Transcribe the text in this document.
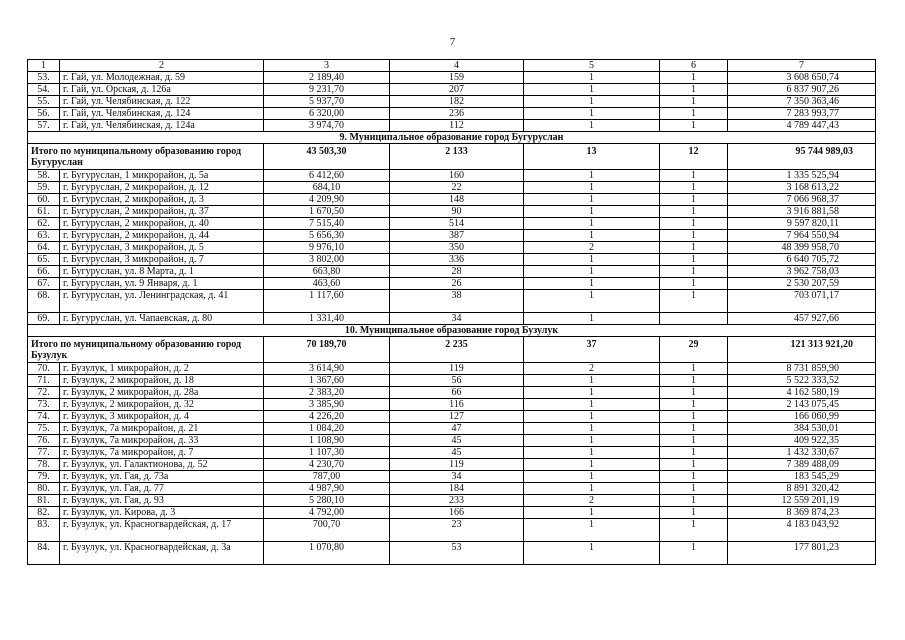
7
1	2	3	4	5	6	7
53.	г. Гай, ул. Молодежная, д. 59	2 189,40	159	1	1	3 608 650,74
54.	г. Гай, ул. Орская, д. 126а	9 231,70	207	1	1	6 837 907,26
55.	г. Гай, ул. Челябинская, д. 122	5 937,70	182	1	1	7 350 363,46
56.	г. Гай, ул. Челябинская, д. 124	6 320,00	236	1	1	7 283 993,77
57.	г. Гай, ул. Челябинская, д. 124а	3 974,70	112	1	1	4 789 447,43
9. Муниципальное образование город Бугуруслан						
Итого по муниципальному образованию город Бугуруслан		43 503,30	2 133	13	12	95 744 989,03
58.	г. Бугуруслан, 1 микрорайон, д. 5а	6 412,60	160	1	1	1 335 525,94
59.	г. Бугуруслан, 2 микрорайон, д. 12	684,10	22	1	1	3 168 613,22
60.	г. Бугуруслан, 2 микрорайон, д. 3	4 209,90	148	1	1	7 066 968,37
61.	г. Бугуруслан, 2 микрорайон, д. 37	1 670,50	90	1	1	3 916 881,58
62.	г. Бугуруслан, 2 микрорайон, д. 40	7 515,40	514	1	1	9 597 820,11
63.	г. Бугуруслан, 2 микрорайон, д. 44	5 656,30	387	1	1	7 964 550,94
64.	г. Бугуруслан, 3 микрорайон, д. 5	9 976,10	350	2	1	48 399 958,70
65.	г. Бугуруслан, 3 микрорайон, д. 7	3 802,00	336	1	1	6 640 705,72
66.	г. Бугуруслан, ул. 8 Марта, д. 1	663,80	28	1	1	3 962 758,03
67.	г. Бугуруслан, ул. 9 Января, д. 1	463,60	26	1	1	2 530 207,59
68.	г. Бугуруслан, ул. Ленинградская, д. 41	1 117,60	38	1	1	703 071,17
69.	г. Бугуруслан, ул. Чапаевская, д. 80	1 331,40	34	1		457 927,66
10. Муниципальное образование город Бузулук						
Итого по муниципальному образованию город Бузулук		70 189,70	2 235	37	29	121 313 921,20
70.	г. Бузулук, 1 микрорайон, д. 2	3 614,90	119	2	1	8 731 859,90
71.	г. Бузулук, 2 микрорайон, д. 18	1 367,60	56	1	1	5 522 333,52
72.	г. Бузулук, 2 микрорайон, д. 28а	2 383,20	66	1	1	4 162 580,19
73.	г. Бузулук, 2 микрорайон, д. 32	3 385,90	116	1	1	2 143 075,45
74.	г. Бузулук, 3 микрорайон, д. 4	4 226,20	127	1	1	166 060,99
75.	г. Бузулук, 7а микрорайон, д. 21	1 084,20	47	1	1	384 530,01
76.	г. Бузулук, 7а микрорайон, д. 33	1 108,90	45	1	1	409 922,35
77.	г. Бузулук, 7а микрорайон, д. 7	1 107,30	45	1	1	1 432 330,67
78.	г. Бузулук, ул. Галактионова, д. 52	4 230,70	119	1	1	7 389 488,09
79.	г. Бузулук, ул. Гая, д. 73а	787,00	34	1	1	183 545,29
80.	г. Бузулук, ул. Гая, д. 77	4 987,90	184	1	1	8 891 320,42
81.	г. Бузулук, ул. Гая, д. 93	5 280,10	233	2	1	12 559 201,19
82.	г. Бузулук, ул. Кирова, д. 3	4 792,00	166	1	1	8 369 874,23
83.	г. Бузулук, ул. Красногвардейская, д. 17	700,70	23	1	1	4 183 043,92
84.	г. Бузулук, ул. Красногвардейская, д. 3а	1 070,80	53	1	1	177 801,23
